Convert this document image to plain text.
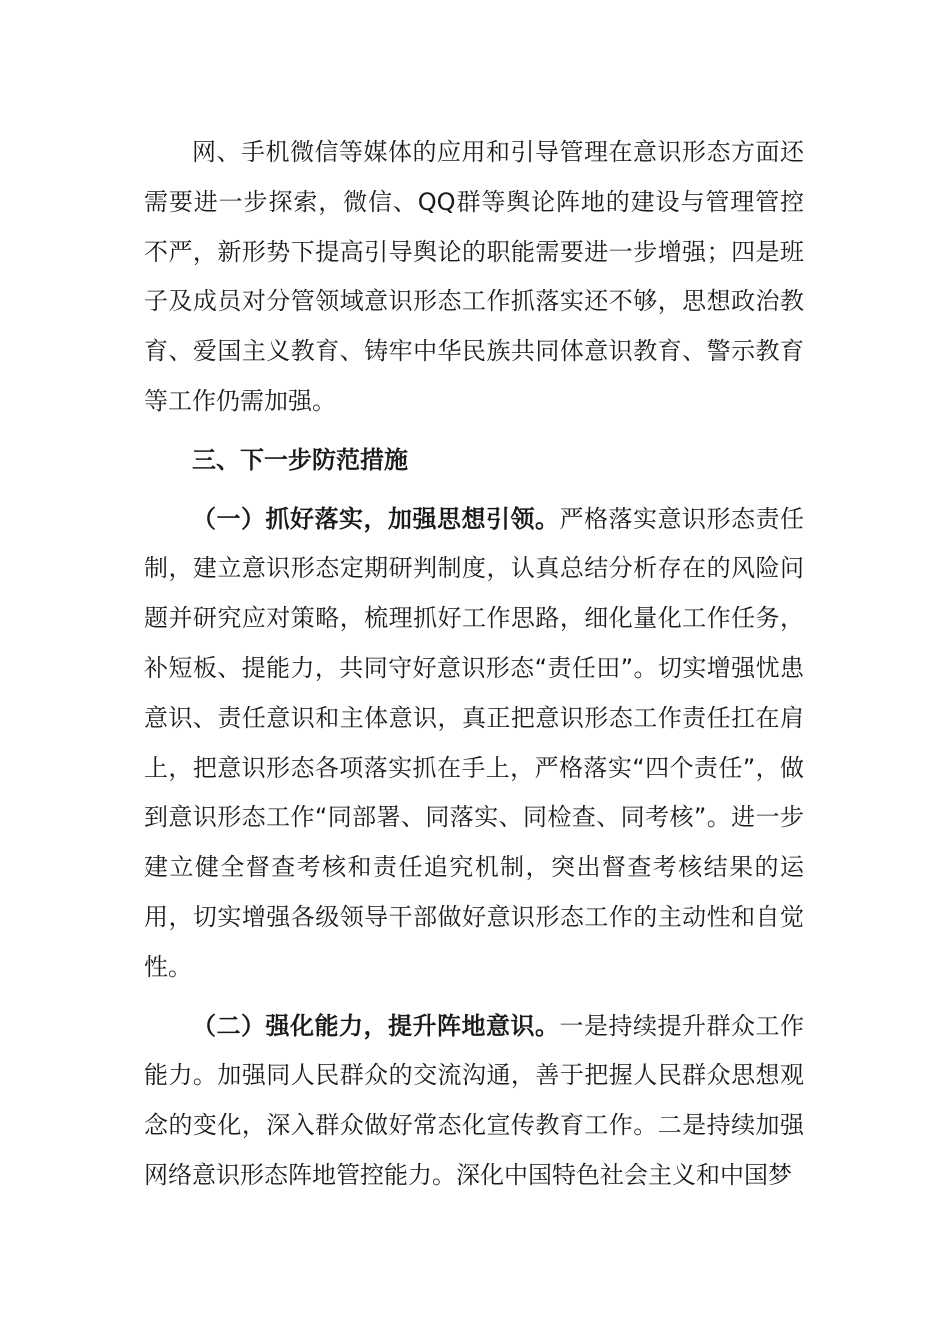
网、手机微信等媒体的应用和引导管理在意识形态方面还需要进一步探索，微信、QQ群等舆论阵地的建设与管理管控不严，新形势下提高引导舆论的职能需要进一步增强；四是班子及成员对分管领域意识形态工作抓落实还不够，思想政治教育、爱国主义教育、铸牢中华民族共同体意识教育、警示教育等工作仍需加强。

三、下一步防范措施

（一）抓好落实，加强思想引领。严格落实意识形态责任制，建立意识形态定期研判制度，认真总结分析存在的风险问题并研究应对策略，梳理抓好工作思路，细化量化工作任务，补短板、提能力，共同守好意识形态“责任田”。切实增强忧患意识、责任意识和主体意识，真正把意识形态工作责任扛在肩上，把意识形态各项落实抓在手上，严格落实“四个责任”，做到意识形态工作“同部署、同落实、同检查、同考核”。进一步建立健全督查考核和责任追究机制，突出督查考核结果的运用，切实增强各级领导干部做好意识形态工作的主动性和自觉性。

（二）强化能力，提升阵地意识。一是持续提升群众工作能力。加强同人民群众的交流沟通，善于把握人民群众思想观念的变化，深入群众做好常态化宣传教育工作。二是持续加强网络意识形态阵地管控能力。深化中国特色社会主义和中国梦
